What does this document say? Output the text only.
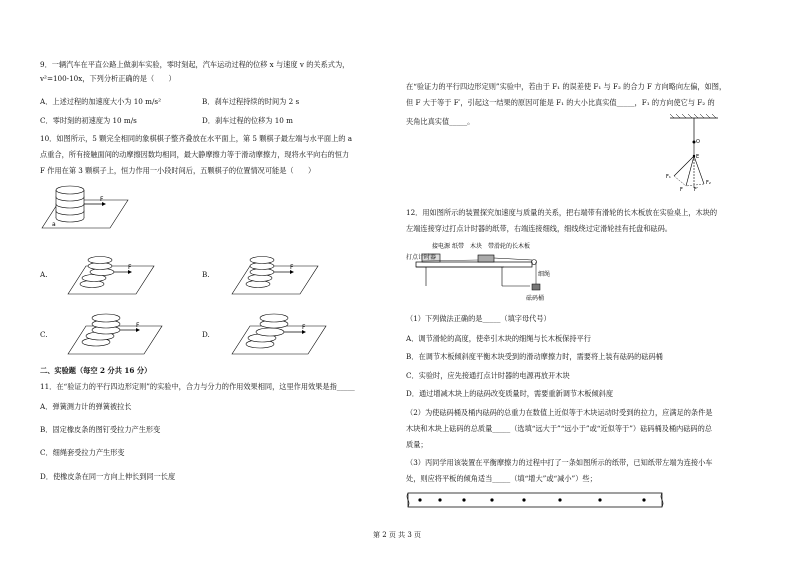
9．一辆汽车在平直公路上做刹车实验，零时刻起，汽车运动过程的位移 x 与速度 v 的关系式为，
v²=100-10x，下列分析正确的是（　　）
A．上述过程的加速度大小为 10 m/s²	B．刹车过程持续的时间为 2 s
C．零时刻的初速度为 10 m/s	D．刹车过程的位移为 10 m
10．如图所示，5 颗完全相同的象棋棋子整齐叠放在水平面上，第 5 颗棋子最左端与水平面上的 a
点重合，所有接触面间的动摩擦因数均相同，最大静摩擦力等于滑动摩擦力，现将水平向右的恒力
F 作用在第 3 颗棋子上，恒力作用一小段时间后，五颗棋子的位置情况可能是（　　）
F
a
A.
F
B.
F
C.
F
D.
F
二、实验题（每空 2 分共 16 分）
11．在“验证力的平行四边形定则”的实验中，合力与分力的作用效果相同，这里作用效果是指_____
A．弹簧测力计的弹簧被拉长
B．固定橡皮条的图钉受拉力产生形变
C．细绳套受拉力产生形变
D．使橡皮条在同一方向上伸长到同一长度
在“验证力的平行四边形定则”实验中，若由于 F₁ 的误差使 F₁ 与 F₂ 的合力 F 方向略向左偏，如图，
但 F 大于等于 F′，引起这一结果的原因可能是 F₁ 的大小比真实值_____，F₁ 的方向使它与 F₂ 的
夹角比真实值_____。
O
E
F₁
F₂
F F′
12．用如图所示的装置探究加速度与质量的关系，把右端带有滑轮的长木板放在实验桌上，木块的
左端连接穿过打点计时器的纸带，右端连接细线，细线绕过定滑轮挂有托盘和砝码。
接电源 纸带 木块 带滑轮的长木板
打点计时器
细绳
砝码桶
（1）下列做法正确的是_____（填字母代号）
A．调节滑轮的高度，使牵引木块的细绳与长木板保持平行
B．在调节木板倾斜度平衡木块受到的滑动摩擦力时，需要将上装有砝码的砝码桶
C．实验时，应先接通打点计时器的电源再放开木块
D．通过增减木块上的砝码改变质量时，需要重新调节木板倾斜度
（2）为使砝码桶及桶内砝码的总重力在数值上近似等于木块运动时受到的拉力，应满足的条件是
木块和木块上砝码的总质量_____（选填“远大于”“远小于”或“近似等于”）砝码桶及桶内砝码的总
质量；
（3）丙同学用该装置在平衡摩擦力的过程中打了一条如图所示的纸带，已知纸带左端为连接小车
处，则应将平板的倾角适当_____（填“增大”或“减小”）些；
第 2 页 共 3 页
